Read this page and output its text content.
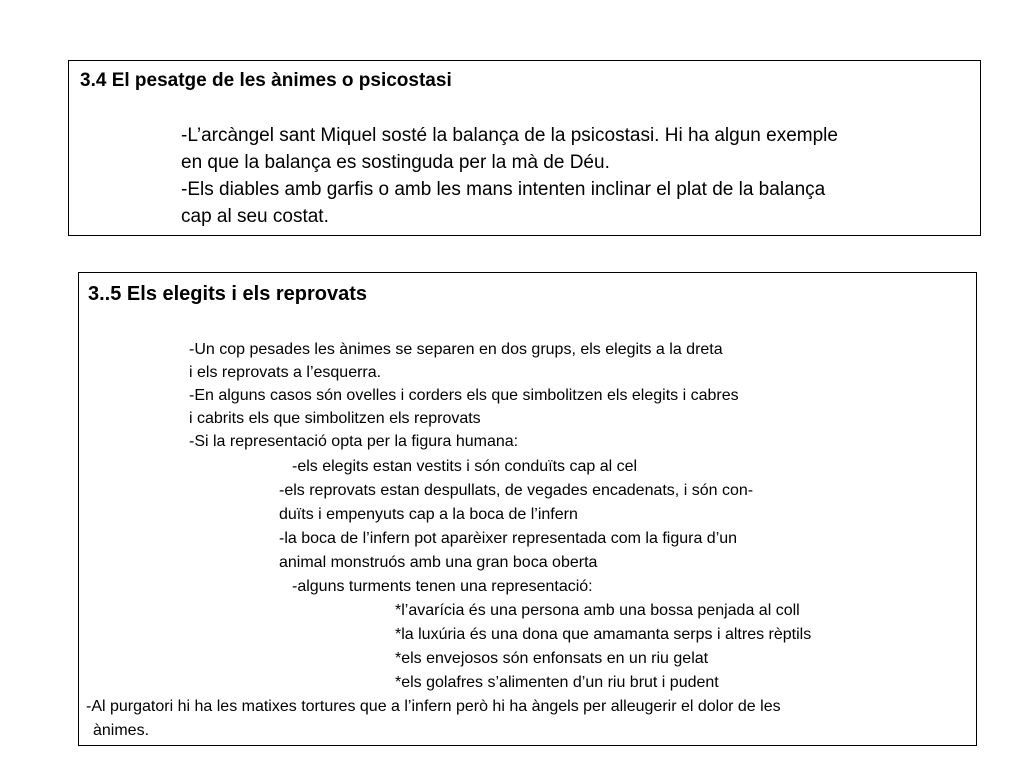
3.4 El pesatge de les ànimes o psicostasi
-L’arcàngel sant Miquel sosté la balança de la psicostasi. Hi ha algun exemple
en que la balança es sostinguda per la mà de Déu.
-Els diables amb garfis o amb les mans intenten inclinar el plat de la balança
cap al seu costat.
3..5 Els elegits i els reprovats
-Un cop pesades les ànimes se separen en dos grups, els elegits a la dreta
i els reprovats a l’esquerra.
-En alguns casos són ovelles i corders els que simbolitzen els elegits i cabres
i cabrits els que simbolitzen els reprovats
-Si la representació opta per la figura humana:
-els elegits estan vestits i són conduïts cap al cel
-els reprovats estan despullats, de vegades encadenats, i són con-
duïts i empenyuts cap a la boca de l’infern
-la boca de l’infern pot aparèixer representada com la figura d’un
animal monstruós amb una gran boca oberta
-alguns turments tenen una representació:
*l’avarícia és una persona amb una bossa penjada al coll
*la luxúria és una dona que amamanta serps i altres rèptils
*els envejosos són enfonsats en un riu gelat
*els golafres s’alimenten d’un riu brut i pudent
-Al purgatori hi ha les matixes tortures que a l’infern però hi ha àngels per alleugerir el dolor de les
ànimes.
